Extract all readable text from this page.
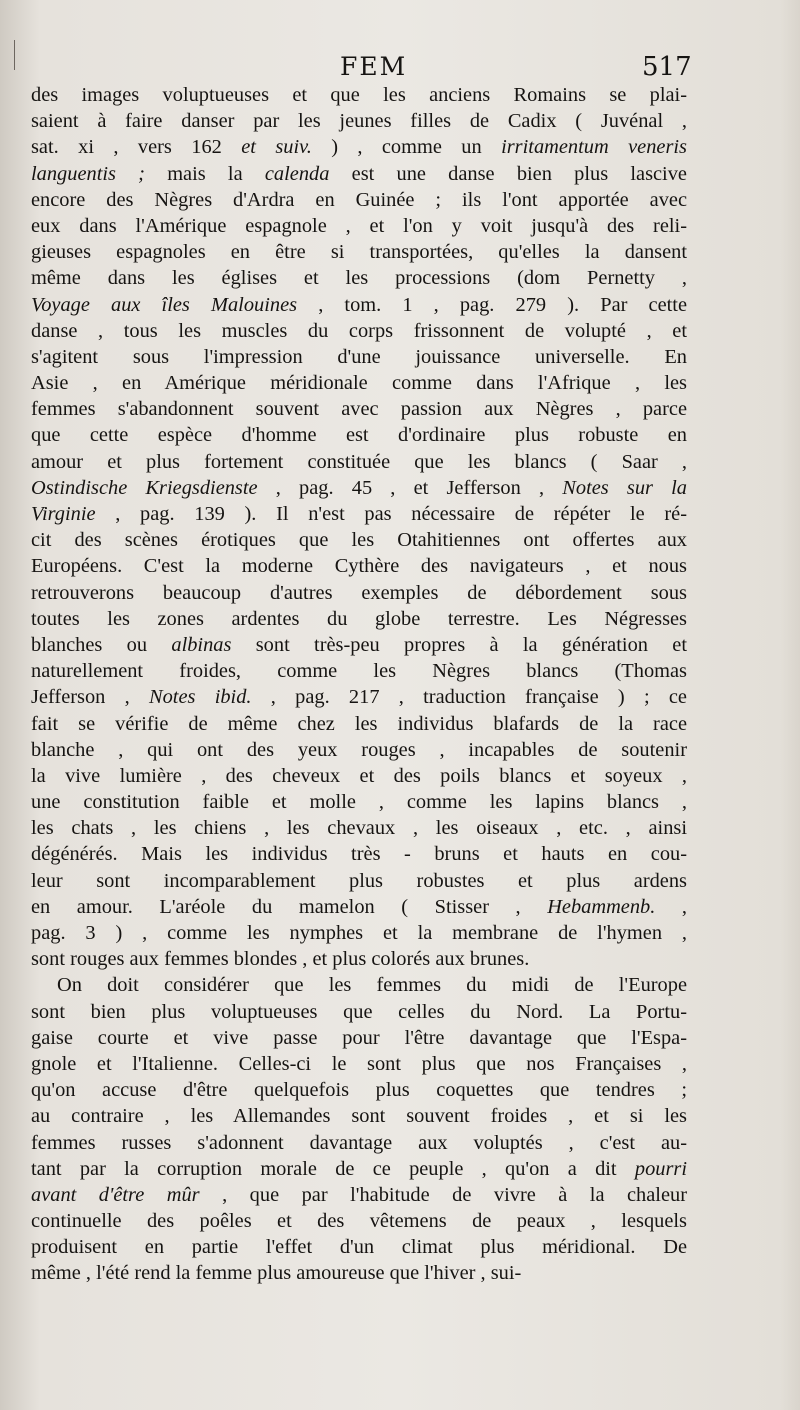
FEM	517
des images voluptueuses et que les anciens Romains se plai-
saient à faire danser par les jeunes filles de Cadix ( Juvénal ,
sat. xi , vers 162 et suiv. ) , comme un irritamentum veneris
languentis ; mais la calenda est une danse bien plus lascive
encore des Nègres d'Ardra en Guinée ; ils l'ont apportée avec
eux dans l'Amérique espagnole , et l'on y voit jusqu'à des reli-
gieuses espagnoles en être si transportées, qu'elles la dansent
même dans les églises et les processions (dom Pernetty ,
Voyage aux îles Malouines , tom. 1 , pag. 279 ). Par cette
danse , tous les muscles du corps frissonnent de volupté , et
s'agitent sous l'impression d'une jouissance universelle. En
Asie , en Amérique méridionale comme dans l'Afrique , les
femmes s'abandonnent souvent avec passion aux Nègres , parce
que cette espèce d'homme est d'ordinaire plus robuste en
amour et plus fortement constituée que les blancs ( Saar ,
Ostindische Kriegsdienste , pag. 45 , et Jefferson , Notes sur la
Virginie , pag. 139 ). Il n'est pas nécessaire de répéter le ré-
cit des scènes érotiques que les Otahitiennes ont offertes aux
Européens. C'est la moderne Cythère des navigateurs , et nous
retrouverons beaucoup d'autres exemples de débordement sous
toutes les zones ardentes du globe terrestre. Les Négresses
blanches ou albinas sont très-peu propres à la génération et
naturellement froides, comme les Nègres blancs (Thomas
Jefferson , Notes ibid. , pag. 217 , traduction française ) ; ce
fait se vérifie de même chez les individus blafards de la race
blanche , qui ont des yeux rouges , incapables de soutenir
la vive lumière , des cheveux et des poils blancs et soyeux ,
une constitution faible et molle , comme les lapins blancs ,
les chats , les chiens , les chevaux , les oiseaux , etc. , ainsi
dégénérés. Mais les individus très - bruns et hauts en cou-
leur sont incomparablement plus robustes et plus ardens
en amour. L'aréole du mamelon ( Stisser , Hebammenb. ,
pag. 3 ) , comme les nymphes et la membrane de l'hymen ,
sont rouges aux femmes blondes , et plus colorés aux brunes.
On doit considérer que les femmes du midi de l'Europe
sont bien plus voluptueuses que celles du Nord. La Portu-
gaise courte et vive passe pour l'être davantage que l'Espa-
gnole et l'Italienne. Celles-ci le sont plus que nos Françaises ,
qu'on accuse d'être quelquefois plus coquettes que tendres ;
au contraire , les Allemandes sont souvent froides , et si les
femmes russes s'adonnent davantage aux voluptés , c'est au-
tant par la corruption morale de ce peuple , qu'on a dit pourri
avant d'être mûr , que par l'habitude de vivre à la chaleur
continuelle des poêles et des vêtemens de peaux , lesquels
produisent en partie l'effet d'un climat plus méridional. De
même , l'été rend la femme plus amoureuse que l'hiver , sui-
